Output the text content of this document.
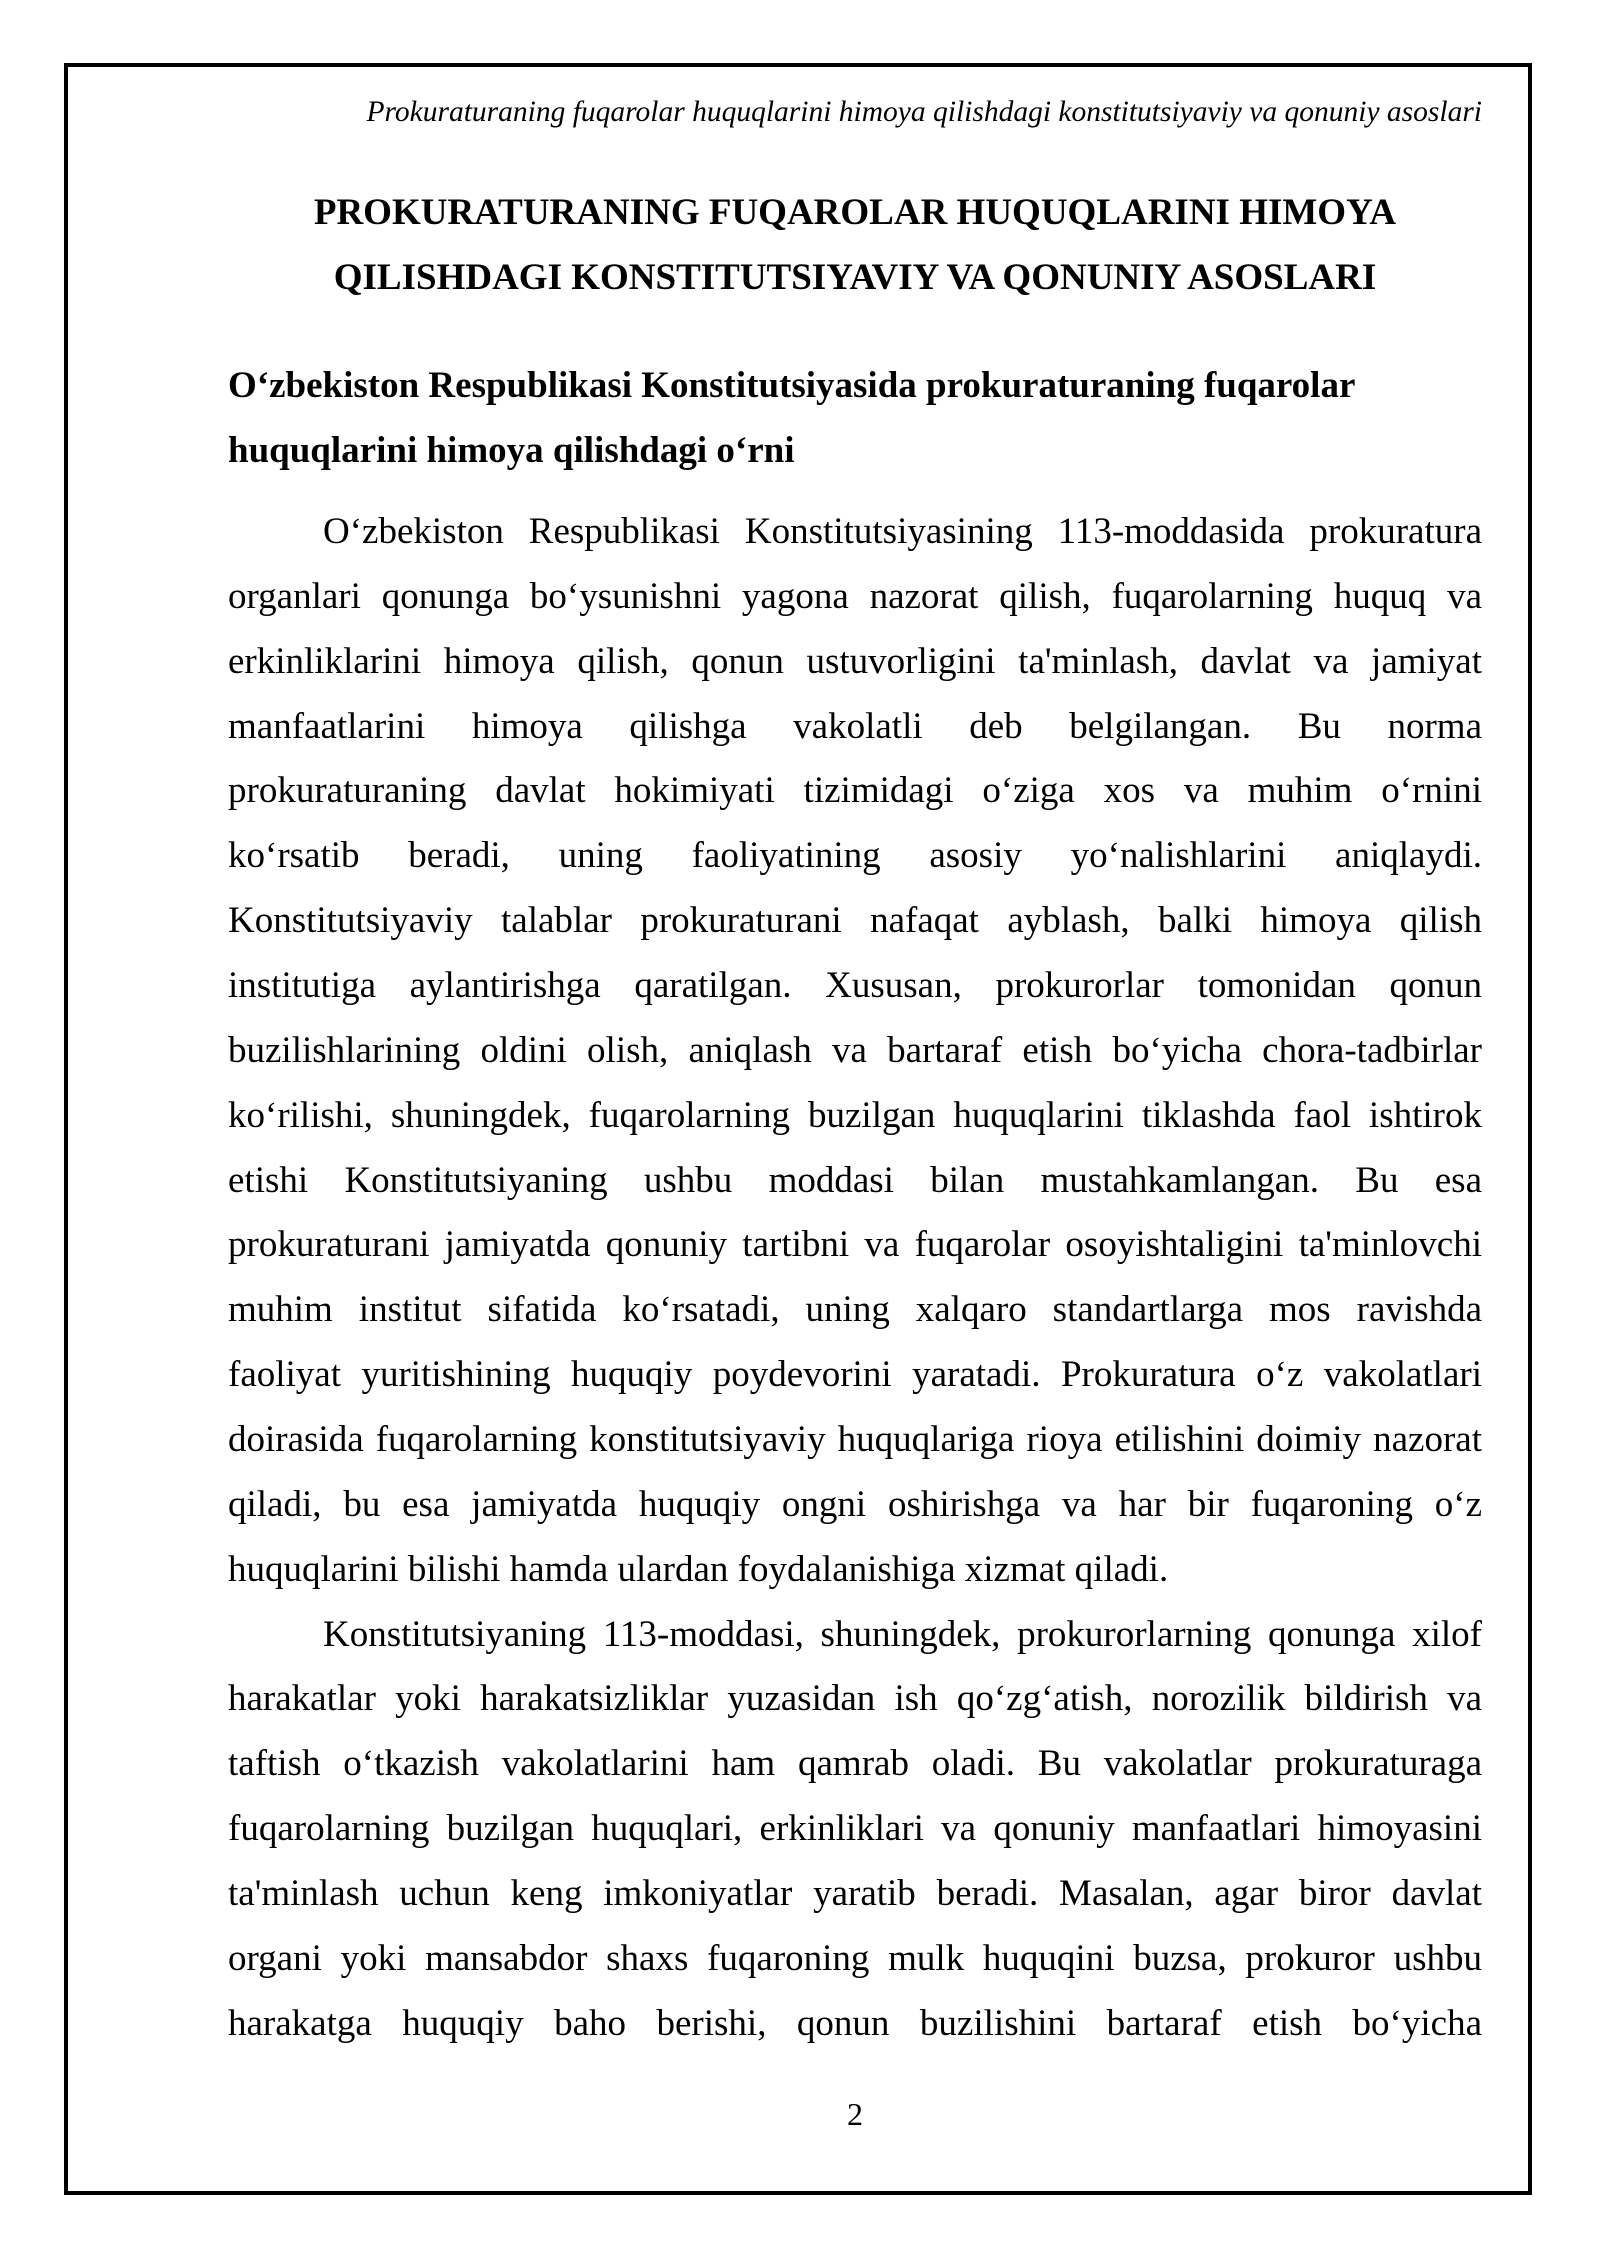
Prokuraturaning fuqarolar huquqlarini himoya qilishdagi konstitutsiyaviy va qonuniy asoslari
PROKURATURANING FUQAROLAR HUQUQLARINI HIMOYA
QILISHDAGI KONSTITUTSIYAVIY VA QONUNIY ASOSLARI
O‘zbekiston Respublikasi Konstitutsiyasida prokuraturaning fuqarolar
huquqlarini himoya qilishdagi o‘rni
O‘zbekiston Respublikasi Konstitutsiyasining 113-moddasida prokuratura
organlari qonunga bo‘ysunishni yagona nazorat qilish, fuqarolarning huquq va
erkinliklarini himoya qilish, qonun ustuvorligini ta'minlash, davlat va jamiyat
manfaatlarini himoya qilishga vakolatli deb belgilangan. Bu norma
prokuraturaning davlat hokimiyati tizimidagi o‘ziga xos va muhim o‘rnini
ko‘rsatib beradi, uning faoliyatining asosiy yo‘nalishlarini aniqlaydi.
Konstitutsiyaviy talablar prokuraturani nafaqat ayblash, balki himoya qilish
institutiga aylantirishga qaratilgan. Xususan, prokurorlar tomonidan qonun
buzilishlarining oldini olish, aniqlash va bartaraf etish bo‘yicha chora-tadbirlar
ko‘rilishi, shuningdek, fuqarolarning buzilgan huquqlarini tiklashda faol ishtirok
etishi Konstitutsiyaning ushbu moddasi bilan mustahkamlangan. Bu esa
prokuraturani jamiyatda qonuniy tartibni va fuqarolar osoyishtaligini ta'minlovchi
muhim institut sifatida ko‘rsatadi, uning xalqaro standartlarga mos ravishda
faoliyat yuritishining huquqiy poydevorini yaratadi. Prokuratura o‘z vakolatlari
doirasida fuqarolarning konstitutsiyaviy huquqlariga rioya etilishini doimiy nazorat
qiladi, bu esa jamiyatda huquqiy ongni oshirishga va har bir fuqaroning o‘z
huquqlarini bilishi hamda ulardan foydalanishiga xizmat qiladi.
Konstitutsiyaning 113-moddasi, shuningdek, prokurorlarning qonunga xilof
harakatlar yoki harakatsizliklar yuzasidan ish qo‘zg‘atish, norozilik bildirish va
taftish o‘tkazish vakolatlarini ham qamrab oladi. Bu vakolatlar prokuraturaga
fuqarolarning buzilgan huquqlari, erkinliklari va qonuniy manfaatlari himoyasini
ta'minlash uchun keng imkoniyatlar yaratib beradi. Masalan, agar biror davlat
organi yoki mansabdor shaxs fuqaroning mulk huquqini buzsa, prokuror ushbu
harakatga huquqiy baho berishi, qonun buzilishini bartaraf etish bo‘yicha
2
